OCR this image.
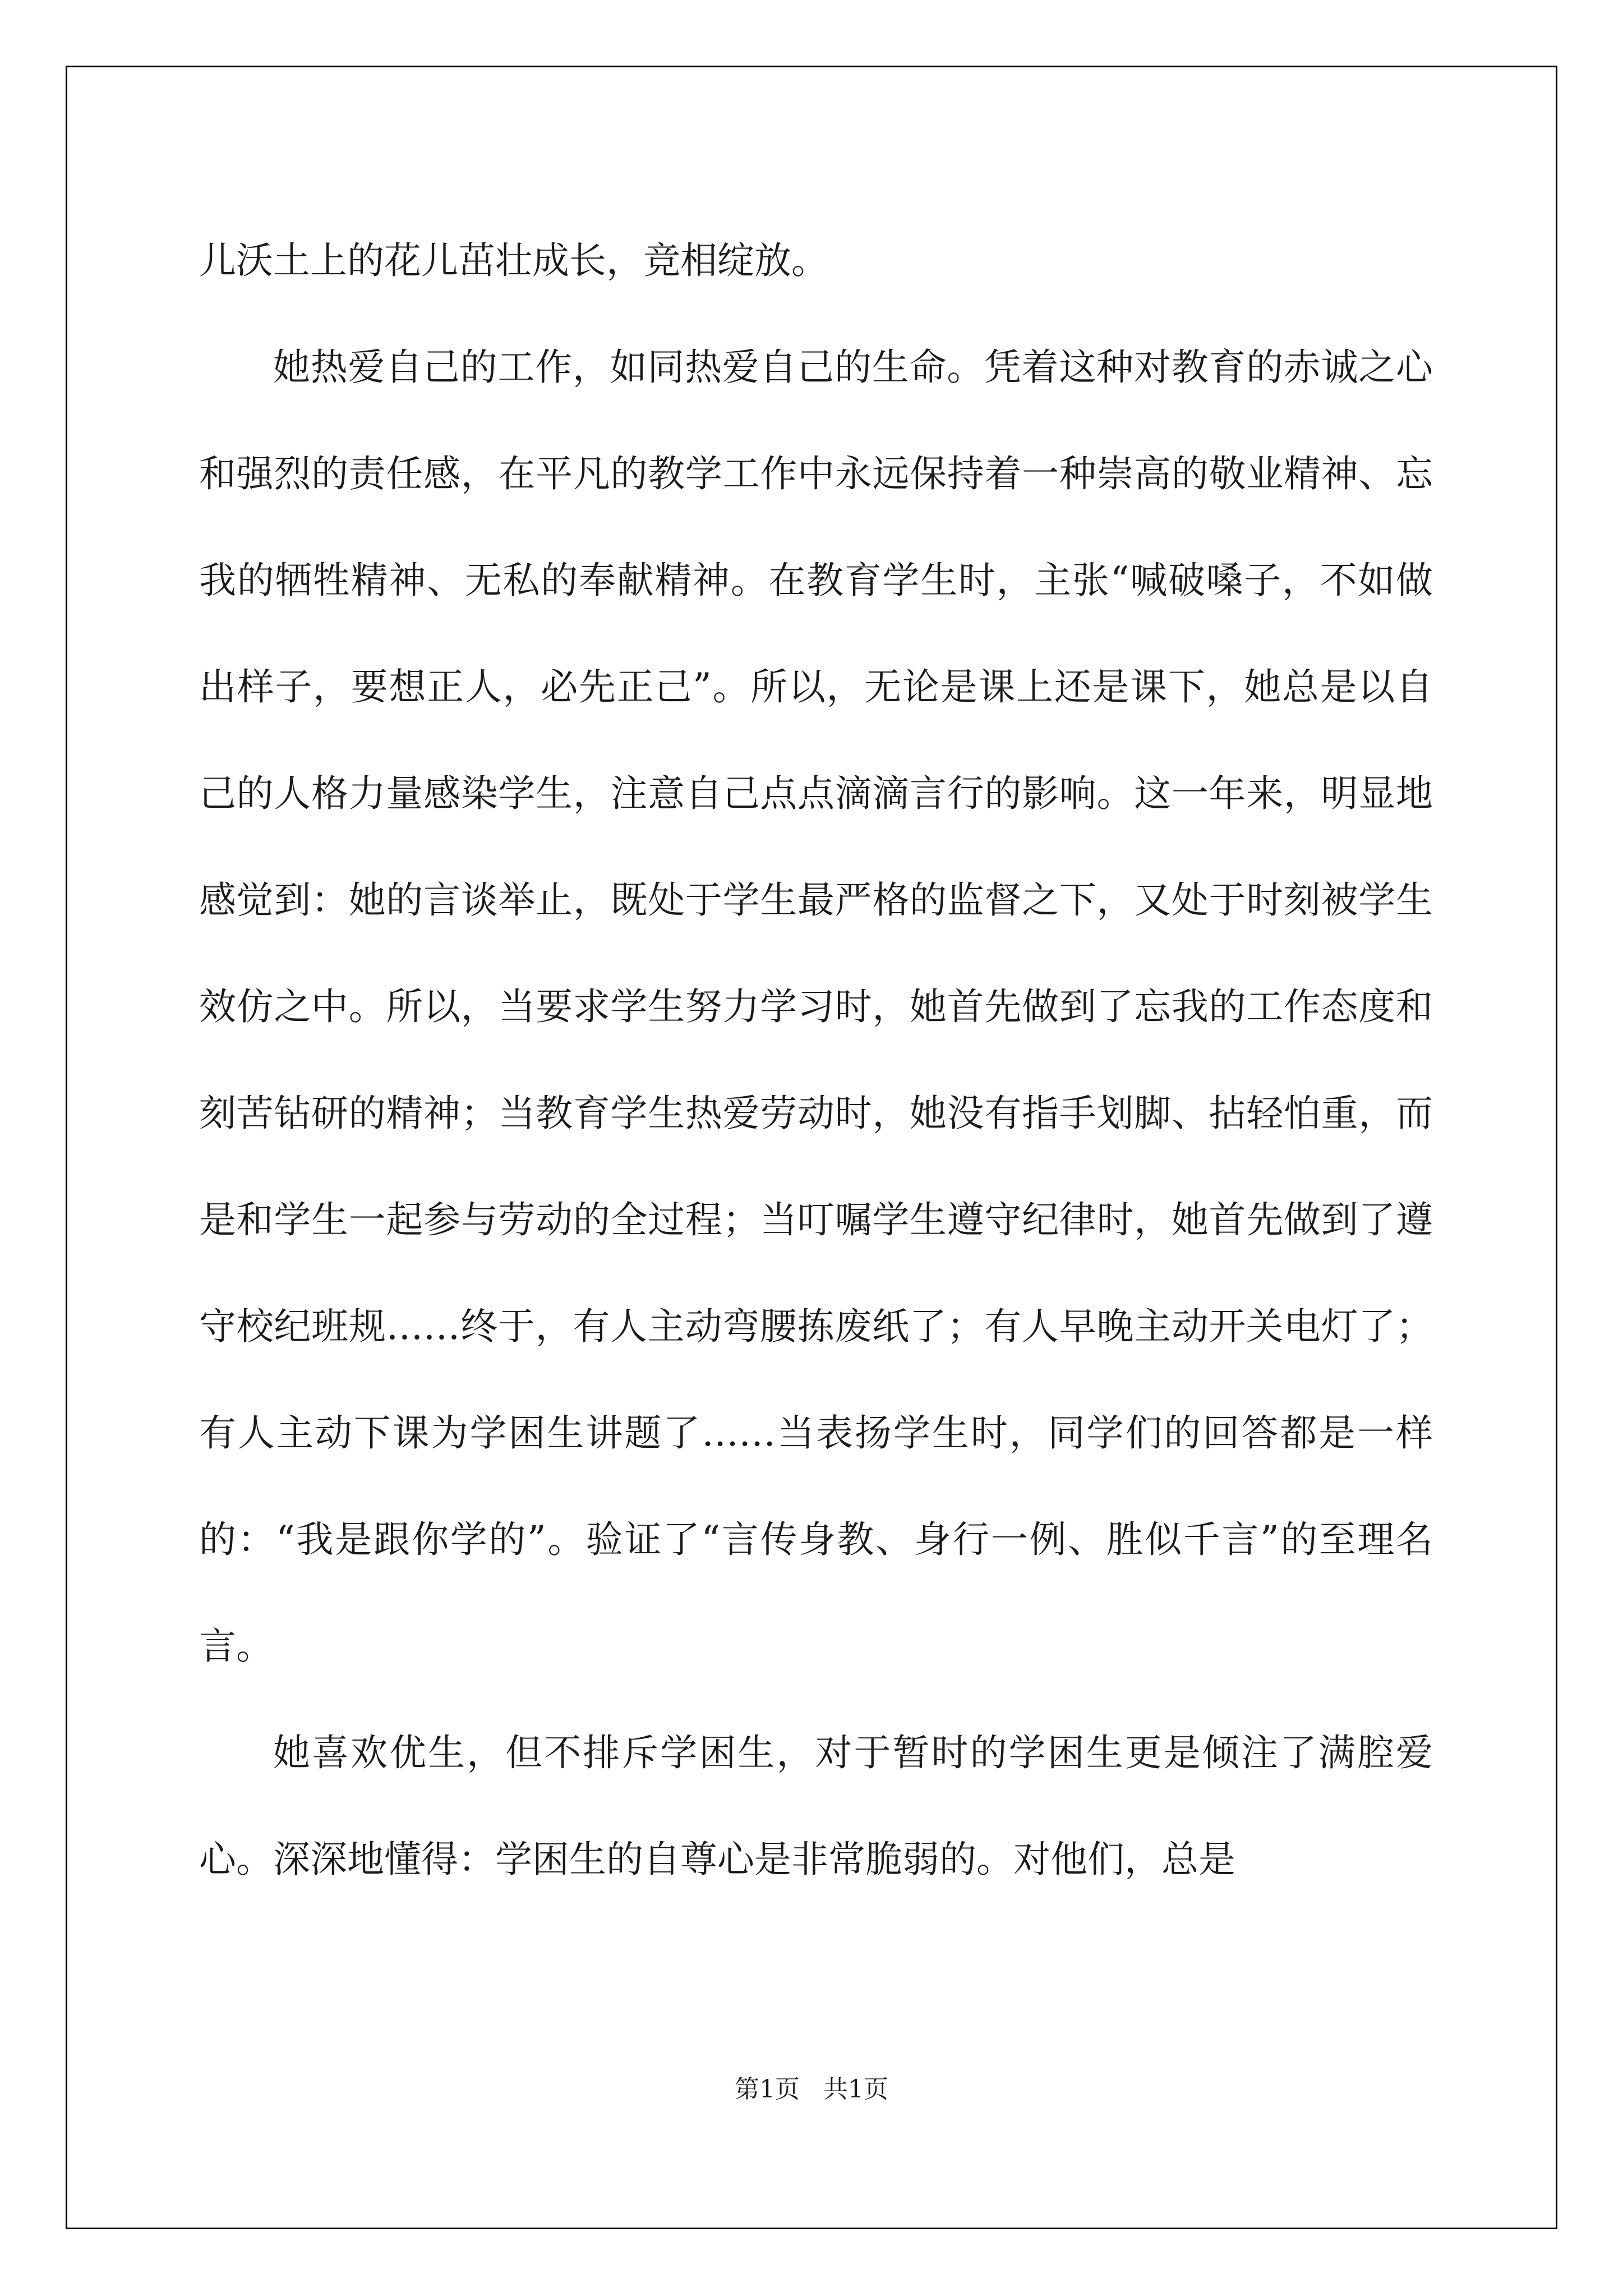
儿沃土上的花儿茁壮成长，竞相绽放。

她热爱自己的工作，如同热爱自己的生命。凭着这种对教育的赤诚之心和强烈的责任感，在平凡的教学工作中永远保持着一种崇高的敬业精神、忘我的牺牲精神、无私的奉献精神。在教育学生时，主张“喊破嗓子，不如做出样子，要想正人，必先正己”。所以，无论是课上还是课下，她总是以自己的人格力量感染学生，注意自己点点滴滴言行的影响。这一年来，明显地感觉到：她的言谈举止，既处于学生最严格的监督之下，又处于时刻被学生效仿之中。所以，当要求学生努力学习时，她首先做到了忘我的工作态度和刻苦钻研的精神；当教育学生热爱劳动时，她没有指手划脚、拈轻怕重，而是和学生一起参与劳动的全过程；当叮嘱学生遵守纪律时，她首先做到了遵守校纪班规……终于，有人主动弯腰拣废纸了；有人早晚主动开关电灯了；有人主动下课为学困生讲题了……当表扬学生时，同学们的回答都是一样的：“我是跟你学的”。验证了“言传身教、身行一例、胜似千言”的至理名言。

她喜欢优生，但不排斥学困生，对于暂时的学困生更是倾注了满腔爱心。深深地懂得：学困生的自尊心是非常脆弱的。对他们，总是

第1页   共1页
